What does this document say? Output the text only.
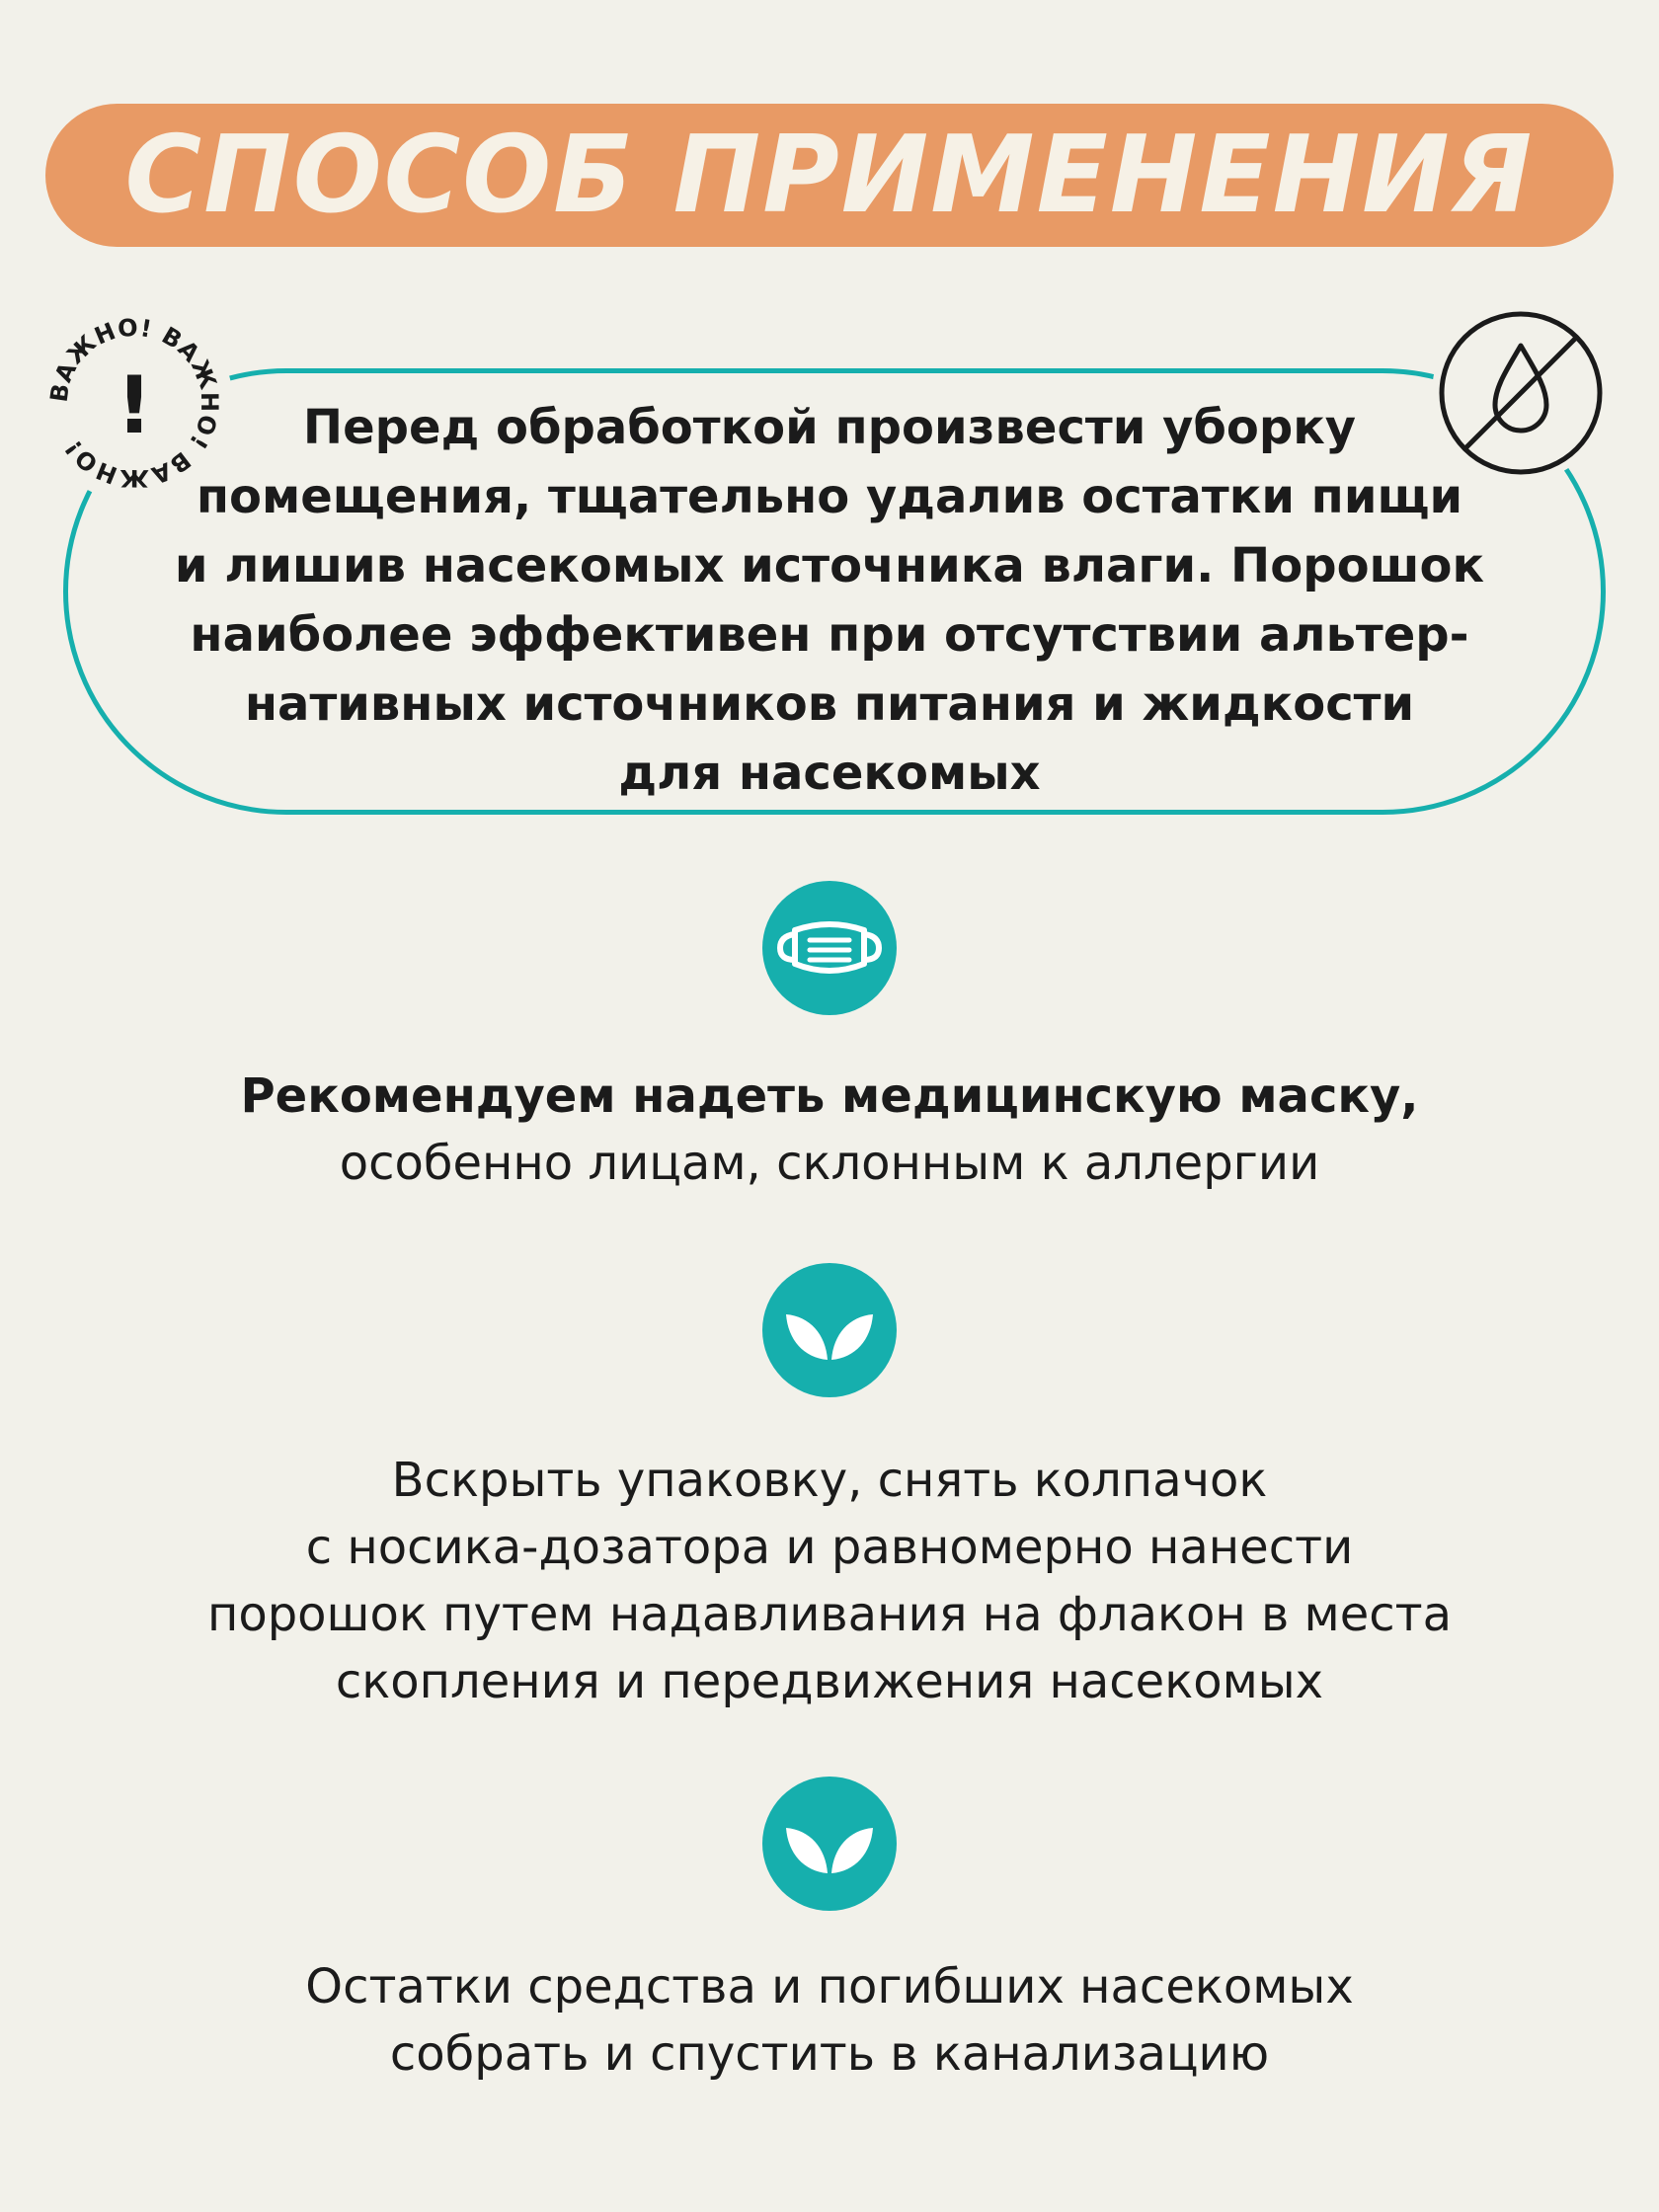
СПОСОБ ПРИМЕНЕНИЯ
Перед обработкой произвести уборку
помещения, тщательно удалив остатки пищи
и лишив насекомых источника влаги. Порошок
наиболее эффективен при отсутствии альтер-
нативных источников питания и жидкости
для насекомых
ВАЖНО! ВАЖНО! ВАЖНО! !
Рекомендуем надеть медицинскую маску,
особенно лицам, склонным к аллергии
Вскрыть упаковку, снять колпачок
с носика-дозатора и равномерно нанести
порошок путем надавливания на флакон в места
скопления и передвижения насекомых
Остатки средства и погибших насекомых
собрать и спустить в канализацию
